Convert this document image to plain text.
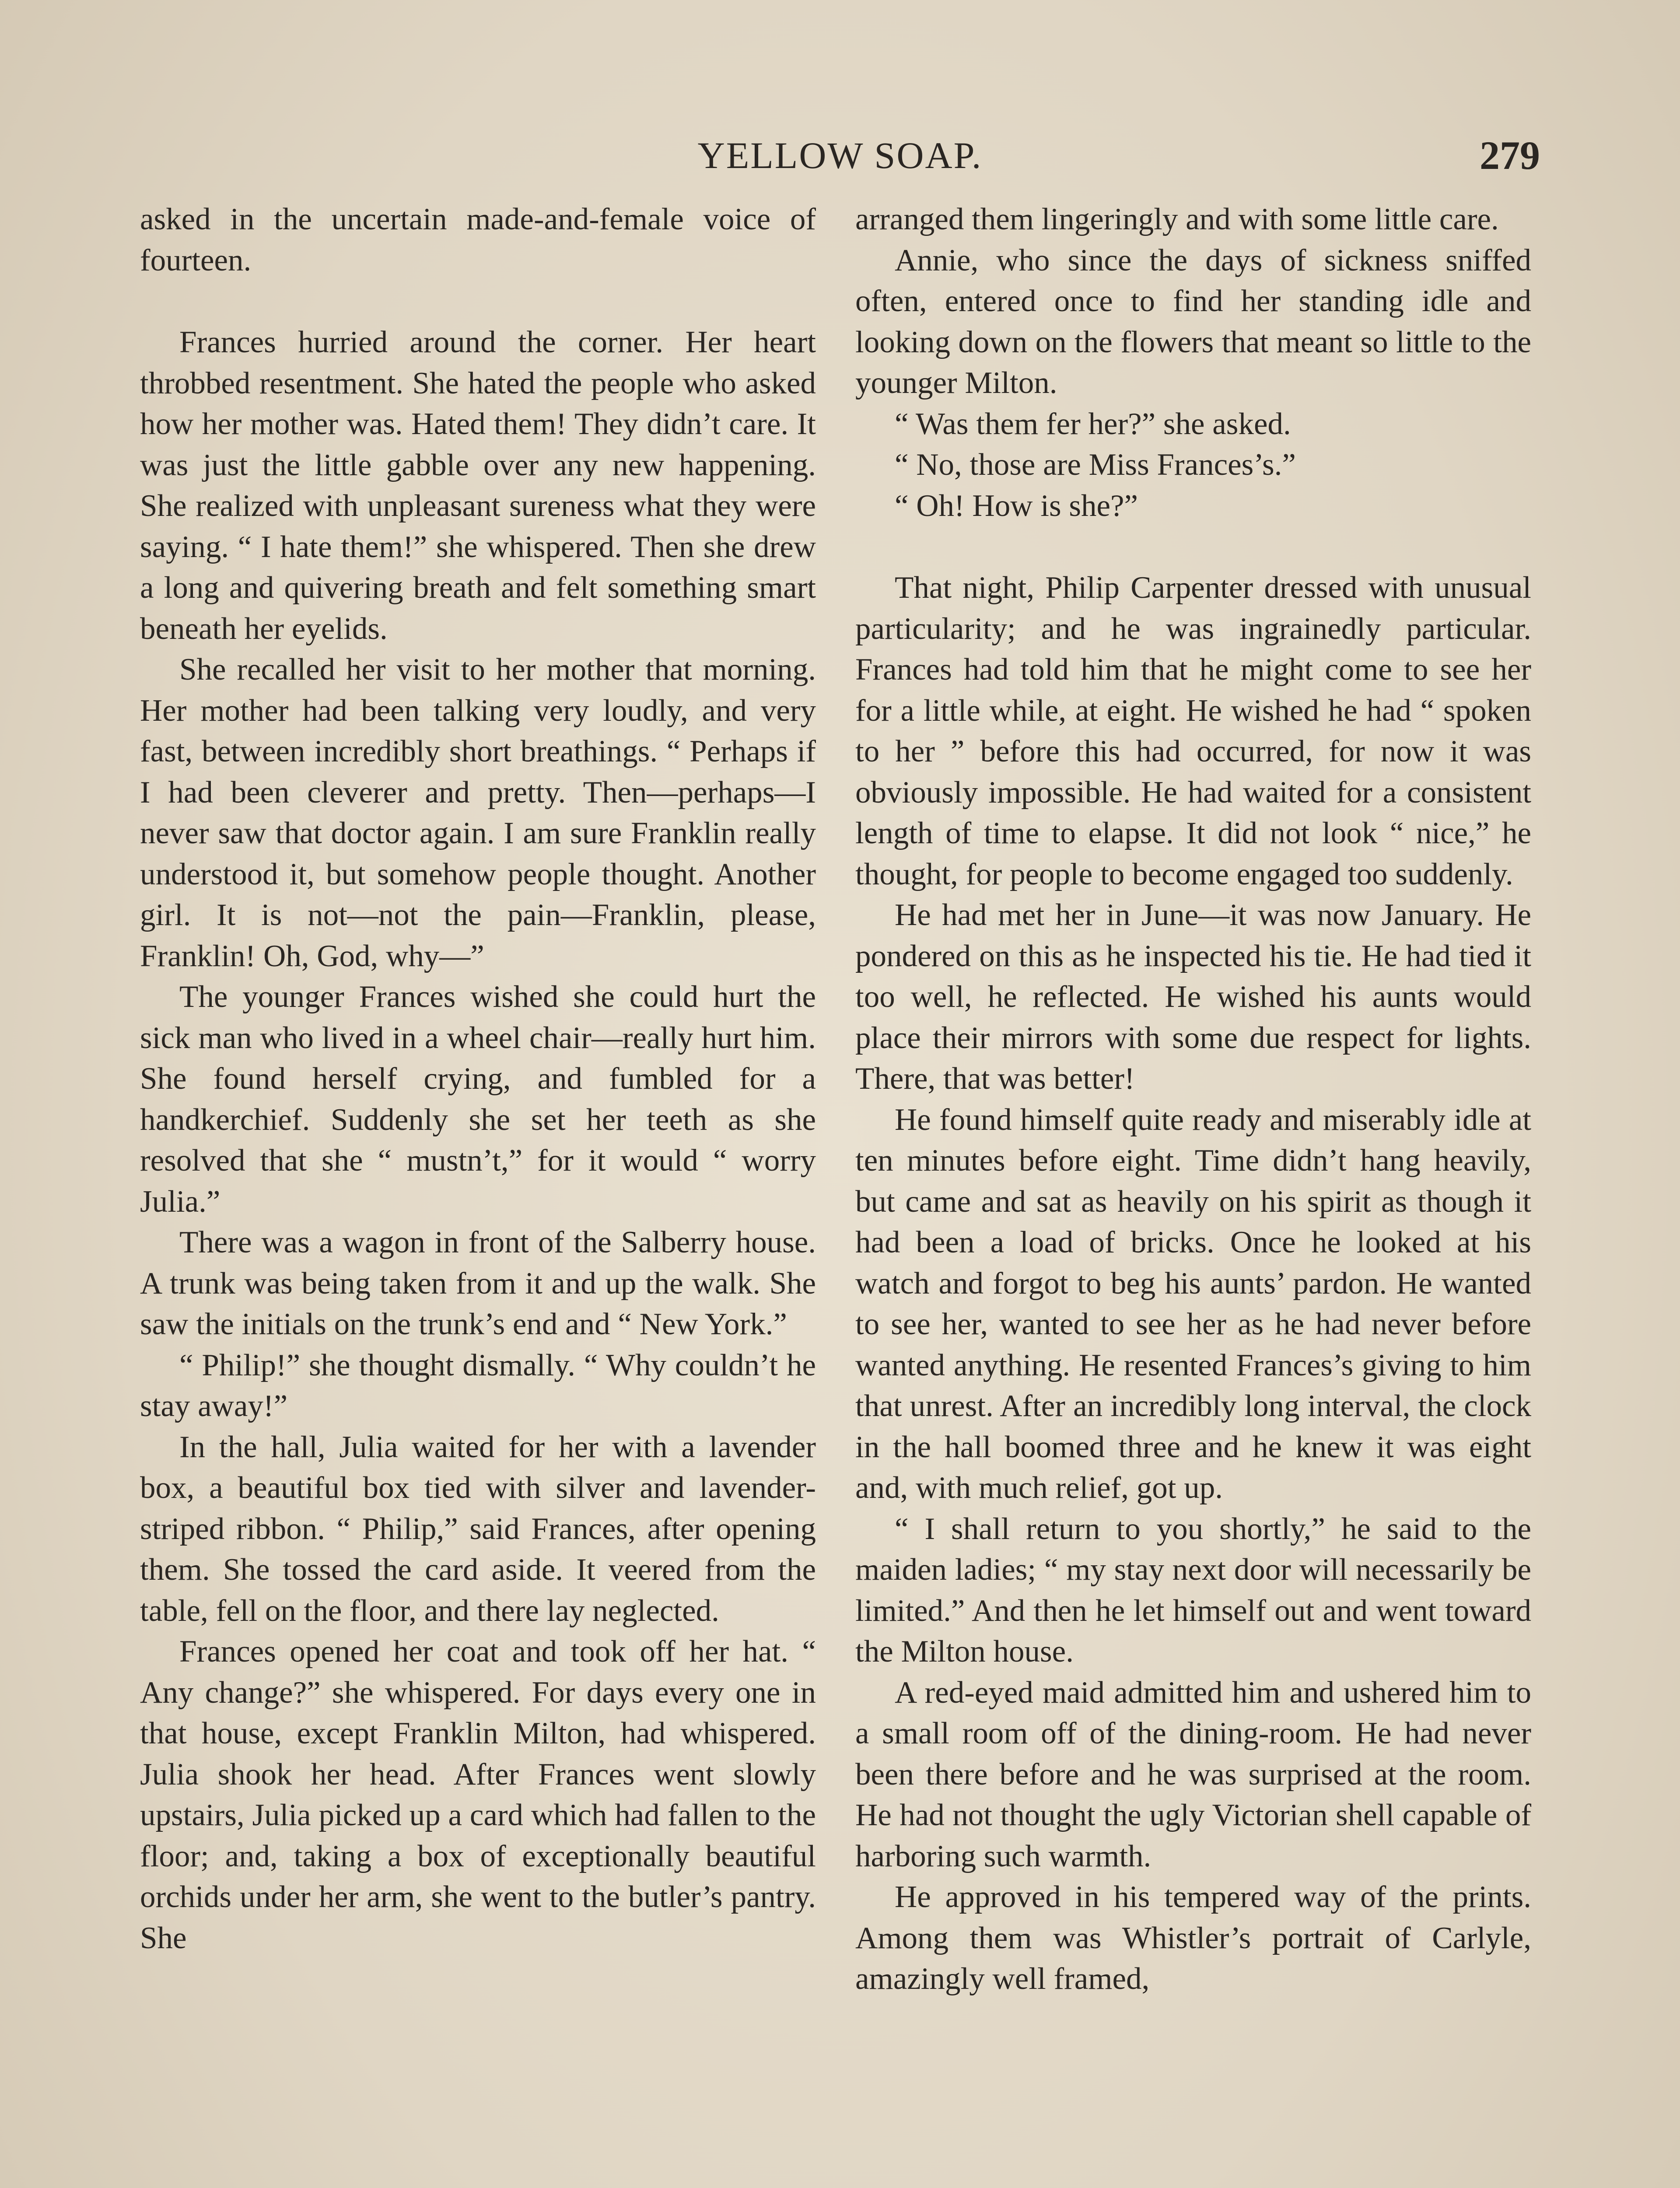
YELLOW SOAP.	279

asked in the uncertain made-and-female voice of fourteen.

Frances hurried around the corner. Her heart throbbed resentment. She hated the people who asked how her mother was. Hated them! They didn’t care. It was just the little gabble over any new happening. She realized with unpleasant sureness what they were saying. “ I hate them!” she whispered. Then she drew a long and quivering breath and felt something smart beneath her eyelids.

She recalled her visit to her mother that morning. Her mother had been talking very loudly, and very fast, between incredibly short breathings. “ Perhaps if I had been cleverer and pretty. Then—perhaps—I never saw that doctor again. I am sure Franklin really understood it, but somehow people thought. Another girl. It is not—not the pain—Franklin, please, Franklin! Oh, God, why—”

The younger Frances wished she could hurt the sick man who lived in a wheel chair—really hurt him. She found herself crying, and fumbled for a handkerchief. Suddenly she set her teeth as she resolved that she “ mustn’t,” for it would “ worry Julia.”

There was a wagon in front of the Salberry house. A trunk was being taken from it and up the walk. She saw the initials on the trunk’s end and “ New York.”

“ Philip!” she thought dismally. “ Why couldn’t he stay away!”

In the hall, Julia waited for her with a lavender box, a beautiful box tied with silver and lavender-striped ribbon. “ Philip,” said Frances, after opening them. She tossed the card aside. It veered from the table, fell on the floor, and there lay neglected.

Frances opened her coat and took off her hat. “ Any change?” she whispered. For days every one in that house, except Franklin Milton, had whispered. Julia shook her head. After Frances went slowly upstairs, Julia picked up a card which had fallen to the floor; and, taking a box of exceptionally beautiful orchids under her arm, she went to the butler’s pantry. She

arranged them lingeringly and with some little care.

Annie, who since the days of sickness sniffed often, entered once to find her standing idle and looking down on the flowers that meant so little to the younger Milton.

“ Was them fer her?” she asked.

“ No, those are Miss Frances’s.”

“ Oh! How is she?”

That night, Philip Carpenter dressed with unusual particularity; and he was ingrainedly particular. Frances had told him that he might come to see her for a little while, at eight. He wished he had “ spoken to her ” before this had occurred, for now it was obviously impossible. He had waited for a consistent length of time to elapse. It did not look “ nice,” he thought, for people to become engaged too suddenly.

He had met her in June—it was now January. He pondered on this as he inspected his tie. He had tied it too well, he reflected. He wished his aunts would place their mirrors with some due respect for lights. There, that was better!

He found himself quite ready and miserably idle at ten minutes before eight. Time didn’t hang heavily, but came and sat as heavily on his spirit as though it had been a load of bricks. Once he looked at his watch and forgot to beg his aunts’ pardon. He wanted to see her, wanted to see her as he had never before wanted anything. He resented Frances’s giving to him that unrest. After an incredibly long interval, the clock in the hall boomed three and he knew it was eight and, with much relief, got up.

“ I shall return to you shortly,” he said to the maiden ladies; “ my stay next door will necessarily be limited.” And then he let himself out and went toward the Milton house.

A red-eyed maid admitted him and ushered him to a small room off of the dining-room. He had never been there before and he was surprised at the room. He had not thought the ugly Victorian shell capable of harboring such warmth.

He approved in his tempered way of the prints. Among them was Whistler’s portrait of Carlyle, amazingly well framed,
